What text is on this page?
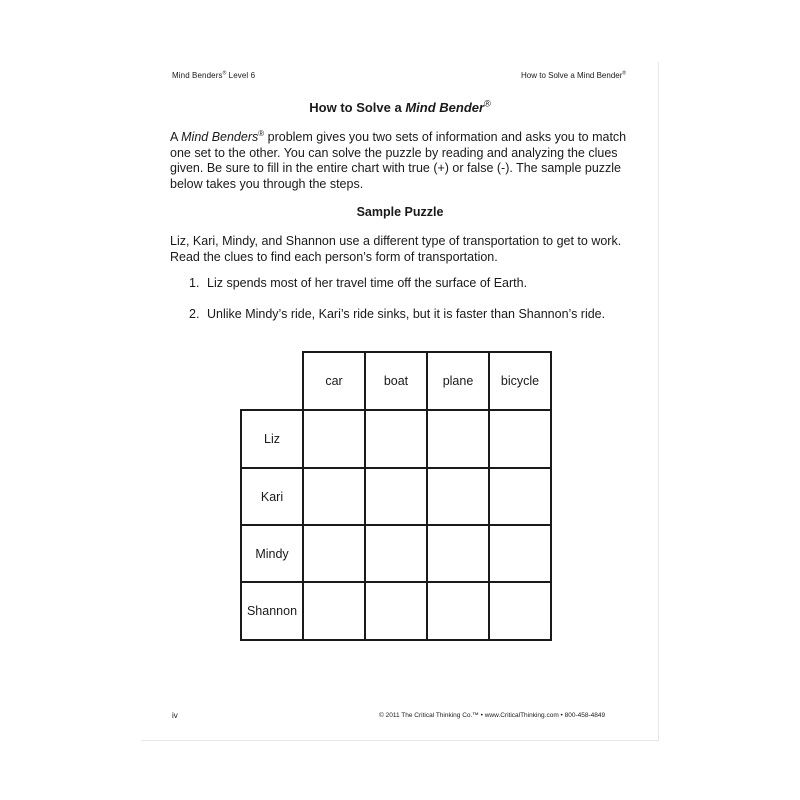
Mind Benders® Level 6	How to Solve a Mind Bender®
How to Solve a Mind Bender®
A Mind Benders® problem gives you two sets of information and asks you to match
one set to the other. You can solve the puzzle by reading and analyzing the clues
given. Be sure to fill in the entire chart with true (+) or false (-). The sample puzzle
below takes you through the steps.
Sample Puzzle
Liz, Kari, Mindy, and Shannon use a different type of transportation to get to work.
Read the clues to find each person’s form of transportation.
1. Liz spends most of her travel time off the surface of Earth.
2. Unlike Mindy’s ride, Kari’s ride sinks, but it is faster than Shannon’s ride.
car	boat	plane	bicycle
Liz
Kari
Mindy
Shannon
iv	© 2011 The Critical Thinking Co.™ • www.CriticalThinking.com • 800-458-4849
